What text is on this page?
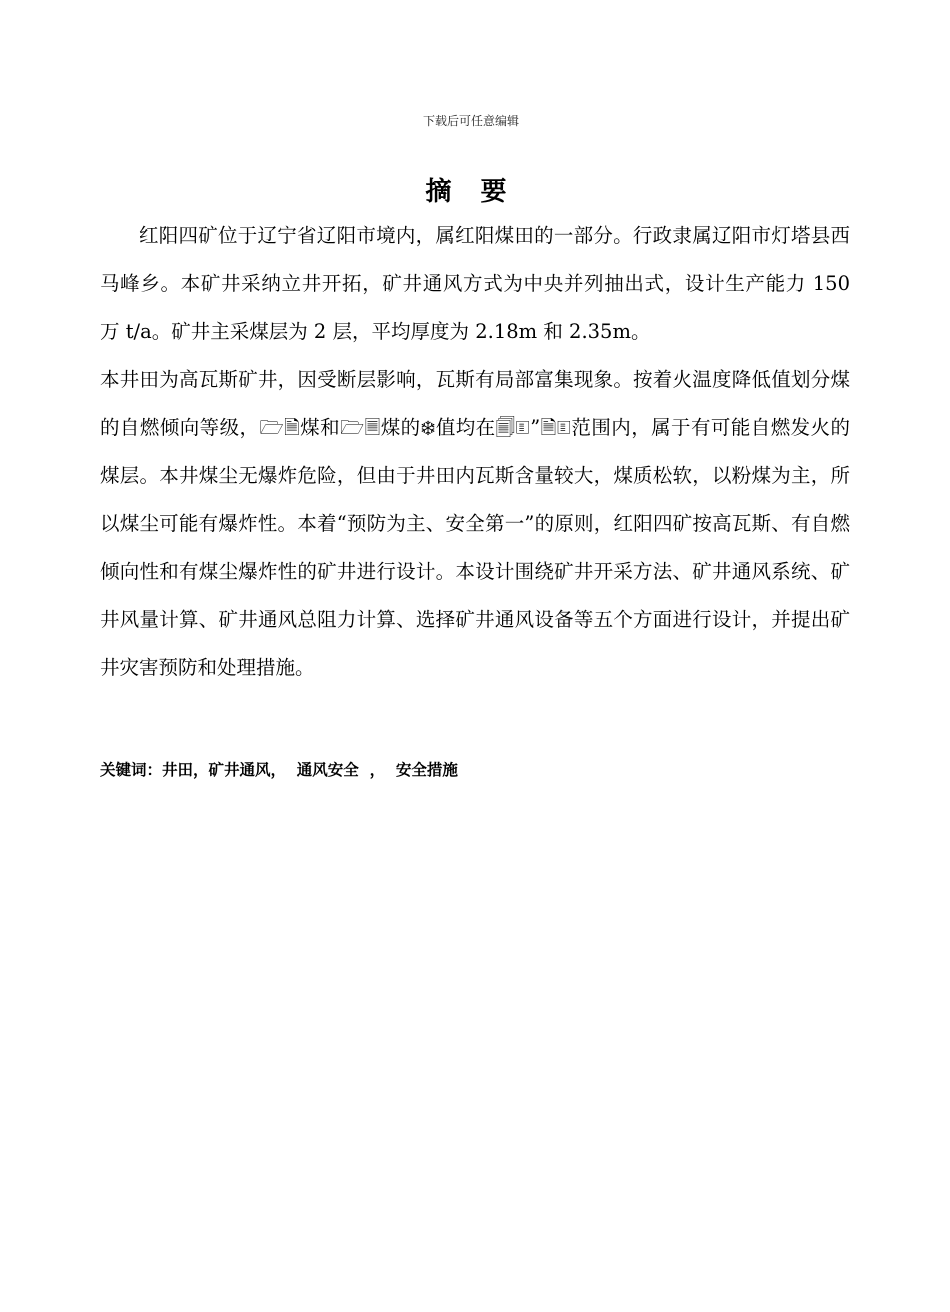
下载后可任意编辑
摘 要

红阳四矿位于辽宁省辽阳市境内，属红阳煤田的一部分。行政隶属辽阳市灯塔县西马峰乡。本矿井采纳立井开拓，矿井通风方式为中央并列抽出式，设计生产能力 150 万 t/a。矿井主采煤层为 2 层，平均厚度为 2.18m 和 2.35m。

本井田为高瓦斯矿井，因受断层影响，瓦斯有局部富集现象。按着火温度降低值划分煤的自燃倾向等级，🗁🗎煤和🗁🗏煤的❄值均在🗐🗉”🗎🗉范围内，属于有可能自燃发火的煤层。本井煤尘无爆炸危险，但由于井田内瓦斯含量较大，煤质松软，以粉煤为主，所以煤尘可能有爆炸性。本着“预防为主、安全第一”的原则，红阳四矿按高瓦斯、有自燃倾向性和有煤尘爆炸性的矿井进行设计。本设计围绕矿井开采方法、矿井通风系统、矿井风量计算、矿井通风总阻力计算、选择矿井通风设备等五个方面进行设计，并提出矿井灾害预防和处理措施。

关键词：井田，矿井通风，  通风安全  ，  安全措施
